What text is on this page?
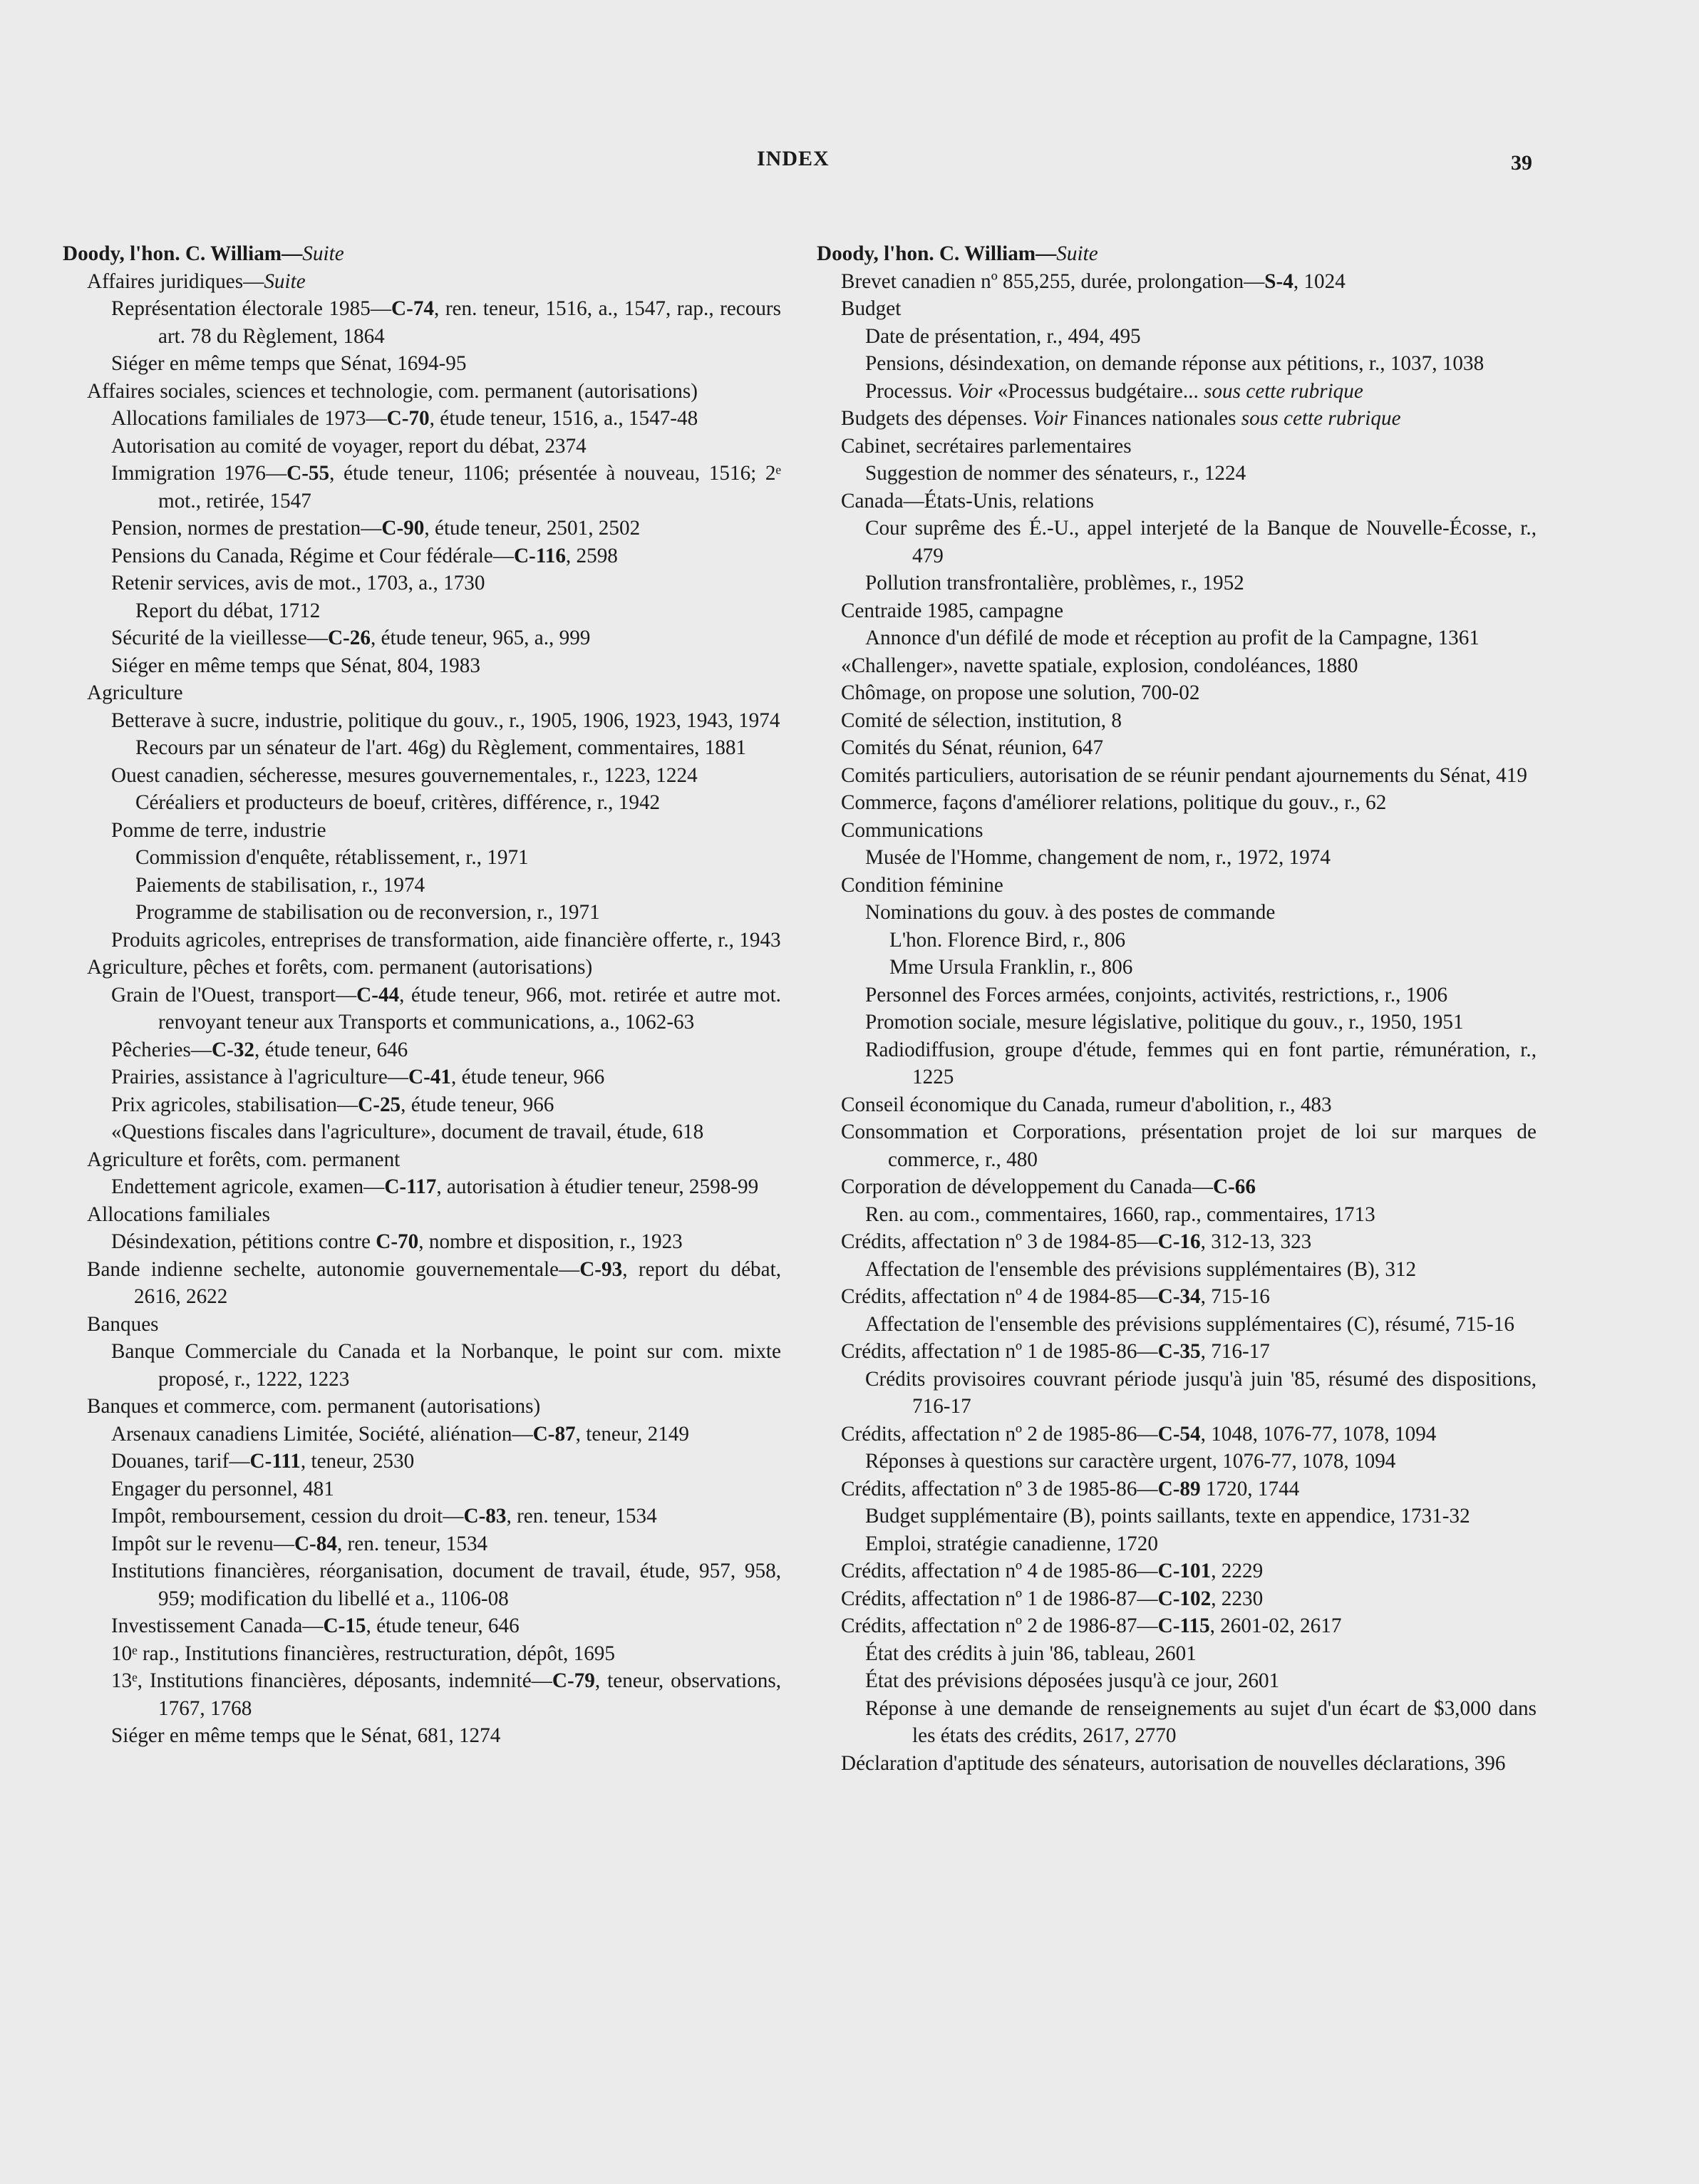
INDEX	39
Doody, l'hon. C. William—Suite
Affaires juridiques—Suite
Représentation électorale 1985—C-74, ren. teneur, 1516, a., 1547, rap., recours art. 78 du Règlement, 1864
Siéger en même temps que Sénat, 1694-95
Affaires sociales, sciences et technologie, com. permanent (autorisations)
Allocations familiales de 1973—C-70, étude teneur, 1516, a., 1547-48
Autorisation au comité de voyager, report du débat, 2374
Immigration 1976—C-55, étude teneur, 1106; présentée à nouveau, 1516; 2ᵉ mot., retirée, 1547
Pension, normes de prestation—C-90, étude teneur, 2501, 2502
Pensions du Canada, Régime et Cour fédérale—C-116, 2598
Retenir services, avis de mot., 1703, a., 1730
Report du débat, 1712
Sécurité de la vieillesse—C-26, étude teneur, 965, a., 999
Siéger en même temps que Sénat, 804, 1983
Agriculture
Betterave à sucre, industrie, politique du gouv., r., 1905, 1906, 1923, 1943, 1974
Recours par un sénateur de l'art. 46g) du Règlement, commentaires, 1881
Ouest canadien, sécheresse, mesures gouvernementales, r., 1223, 1224
Céréaliers et producteurs de boeuf, critères, différence, r., 1942
Pomme de terre, industrie
Commission d'enquête, rétablissement, r., 1971
Paiements de stabilisation, r., 1974
Programme de stabilisation ou de reconversion, r., 1971
Produits agricoles, entreprises de transformation, aide financière offerte, r., 1943
Agriculture, pêches et forêts, com. permanent (autorisations)
Grain de l'Ouest, transport—C-44, étude teneur, 966, mot. retirée et autre mot. renvoyant teneur aux Transports et communications, a., 1062-63
Pêcheries—C-32, étude teneur, 646
Prairies, assistance à l'agriculture—C-41, étude teneur, 966
Prix agricoles, stabilisation—C-25, étude teneur, 966
«Questions fiscales dans l'agriculture», document de travail, étude, 618
Agriculture et forêts, com. permanent
Endettement agricole, examen—C-117, autorisation à étudier teneur, 2598-99
Allocations familiales
Désindexation, pétitions contre C-70, nombre et disposition, r., 1923
Bande indienne sechelte, autonomie gouvernementale—C-93, report du débat, 2616, 2622
Banques
Banque Commerciale du Canada et la Norbanque, le point sur com. mixte proposé, r., 1222, 1223
Banques et commerce, com. permanent (autorisations)
Arsenaux canadiens Limitée, Société, aliénation—C-87, teneur, 2149
Douanes, tarif—C-111, teneur, 2530
Engager du personnel, 481
Impôt, remboursement, cession du droit—C-83, ren. teneur, 1534
Impôt sur le revenu—C-84, ren. teneur, 1534
Institutions financières, réorganisation, document de travail, étude, 957, 958, 959; modification du libellé et a., 1106-08
Investissement Canada—C-15, étude teneur, 646
10ᵉ rap., Institutions financières, restructuration, dépôt, 1695
13ᵉ, Institutions financières, déposants, indemnité—C-79, teneur, observations, 1767, 1768
Siéger en même temps que le Sénat, 681, 1274
Doody, l'hon. C. William—Suite
Brevet canadien nº 855,255, durée, prolongation—S-4, 1024
Budget
Date de présentation, r., 494, 495
Pensions, désindexation, on demande réponse aux pétitions, r., 1037, 1038
Processus. Voir «Processus budgétaire... sous cette rubrique
Budgets des dépenses. Voir Finances nationales sous cette rubrique
Cabinet, secrétaires parlementaires
Suggestion de nommer des sénateurs, r., 1224
Canada—États-Unis, relations
Cour suprême des É.-U., appel interjeté de la Banque de Nouvelle-Écosse, r., 479
Pollution transfrontalière, problèmes, r., 1952
Centraide 1985, campagne
Annonce d'un défilé de mode et réception au profit de la Campagne, 1361
«Challenger», navette spatiale, explosion, condoléances, 1880
Chômage, on propose une solution, 700-02
Comité de sélection, institution, 8
Comités du Sénat, réunion, 647
Comités particuliers, autorisation de se réunir pendant ajournements du Sénat, 419
Commerce, façons d'améliorer relations, politique du gouv., r., 62
Communications
Musée de l'Homme, changement de nom, r., 1972, 1974
Condition féminine
Nominations du gouv. à des postes de commande
L'hon. Florence Bird, r., 806
Mme Ursula Franklin, r., 806
Personnel des Forces armées, conjoints, activités, restrictions, r., 1906
Promotion sociale, mesure législative, politique du gouv., r., 1950, 1951
Radiodiffusion, groupe d'étude, femmes qui en font partie, rémunération, r., 1225
Conseil économique du Canada, rumeur d'abolition, r., 483
Consommation et Corporations, présentation projet de loi sur marques de commerce, r., 480
Corporation de développement du Canada—C-66
Ren. au com., commentaires, 1660, rap., commentaires, 1713
Crédits, affectation nº 3 de 1984-85—C-16, 312-13, 323
Affectation de l'ensemble des prévisions supplémentaires (B), 312
Crédits, affectation nº 4 de 1984-85—C-34, 715-16
Affectation de l'ensemble des prévisions supplémentaires (C), résumé, 715-16
Crédits, affectation nº 1 de 1985-86—C-35, 716-17
Crédits provisoires couvrant période jusqu'à juin '85, résumé des dispositions, 716-17
Crédits, affectation nº 2 de 1985-86—C-54, 1048, 1076-77, 1078, 1094
Réponses à questions sur caractère urgent, 1076-77, 1078, 1094
Crédits, affectation nº 3 de 1985-86—C-89 1720, 1744
Budget supplémentaire (B), points saillants, texte en appendice, 1731-32
Emploi, stratégie canadienne, 1720
Crédits, affectation nº 4 de 1985-86—C-101, 2229
Crédits, affectation nº 1 de 1986-87—C-102, 2230
Crédits, affectation nº 2 de 1986-87—C-115, 2601-02, 2617
État des crédits à juin '86, tableau, 2601
État des prévisions déposées jusqu'à ce jour, 2601
Réponse à une demande de renseignements au sujet d'un écart de $3,000 dans les états des crédits, 2617, 2770
Déclaration d'aptitude des sénateurs, autorisation de nouvelles déclarations, 396
